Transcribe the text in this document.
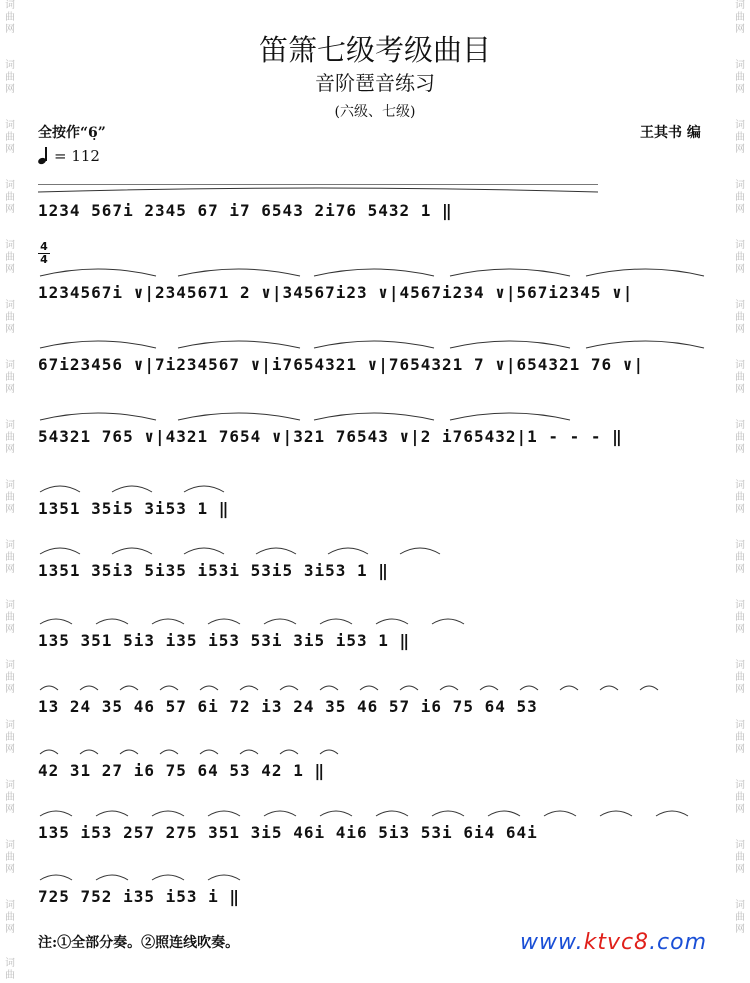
词
曲
网
词
曲
网
词
曲
网
词
曲
网
词
曲
网
词
曲
网
词
曲
网
词
曲
网
词
曲
网
词
曲
网
词
曲
网
词
曲
网
词
曲
网
词
曲
网
词
曲
网
词
曲
网
词
曲
词
曲
网
词
曲
网
词
曲
网
词
曲
网
词
曲
网
词
曲
网
词
曲
网
词
曲
网
词
曲
网
词
曲
网
词
曲
网
词
曲
网
词
曲
网
词
曲
网
词
曲
网
词
曲
网
笛箫七级考级曲目
音阶琶音练习
(六级、七级)
全按作“6̣”	王其书 编
= 112
4
4
1234 567i 2345 67 i7 6543 2i76 5432 1 ‖
1234567i ∨|2345671 2 ∨|34567i23 ∨|4567i234 ∨|567i2345 ∨|
67i23456 ∨|7i234567 ∨|i7654321 ∨|7654321 7 ∨|654321 76 ∨|
54321 765 ∨|4321 7654 ∨|321 76543 ∨|2 i765432|1 - - - ‖
1351 35i5 3i53 1 ‖
1351 35i3 5i35 i53i 53i5 3i53 1 ‖
135 351 5i3 i35 i53 53i 3i5 i53 1 ‖
13 24 35 46 57 6i 72 i3 24 35 46 57 i6 75 64 53
42 31 27 i6 75 64 53 42 1 ‖
135 i53 257 275 351 3i5 46i 4i6 5i3 53i 6i4 64i
725 752 i35 i53 i ‖
注:①全部分奏。②照连线吹奏。	www.ktvc8.com
